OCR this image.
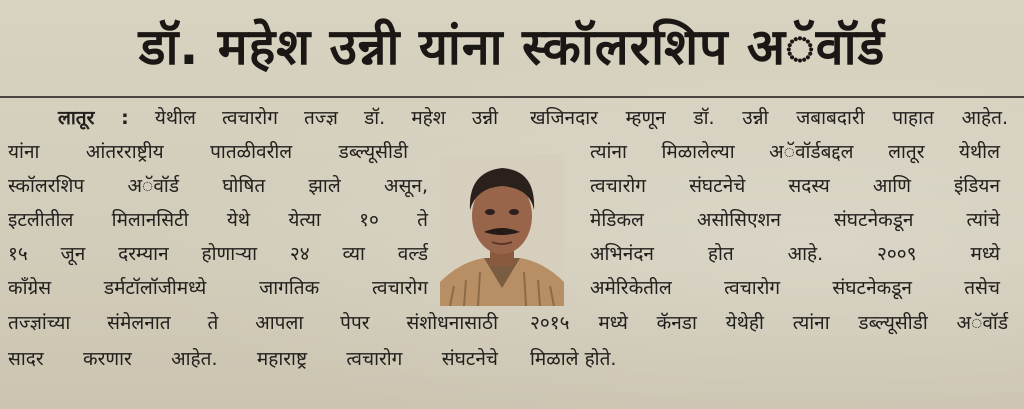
डॉ. महेश उन्नी यांना स्कॉलरशिप अॅवॉर्ड
लातूर : येथील त्वचारोग तज्ज्ञ डॉ. महेश उन्नी
यांना आंतरराष्ट्रीय पातळीवरील डब्ल्यूसीडी
स्कॉलरशिप अॅवॉर्ड घोषित झाले असून,
इटलीतील मिलानसिटी येथे येत्या १० ते
१५ जून दरम्यान होणाऱ्या २४ व्या वर्ल्ड
काँग्रेस डर्मटॉलॉजीमध्ये जागतिक त्वचारोग
तज्ज्ञांच्या संमेलनात ते आपला पेपर संशोधनासाठी
सादर करणार आहेत. महाराष्ट्र त्वचारोग संघटनेचे
खजिनदार म्हणून डॉ. उन्नी जबाबदारी पाहात आहेत.
त्यांना मिळालेल्या अॅवॉर्डबद्दल लातूर येथील
त्वचारोग संघटनेचे सदस्य आणि इंडियन
मेडिकल असोसिएशन संघटनेकडून त्यांचे
अभिनंदन होत आहे. २००९ मध्ये
अमेरिकेतील त्वचारोग संघटनेकडून तसेच
२०१५ मध्ये कॅनडा येथेही त्यांना डब्ल्यूसीडी अॅवॉर्ड
मिळाले होते.
